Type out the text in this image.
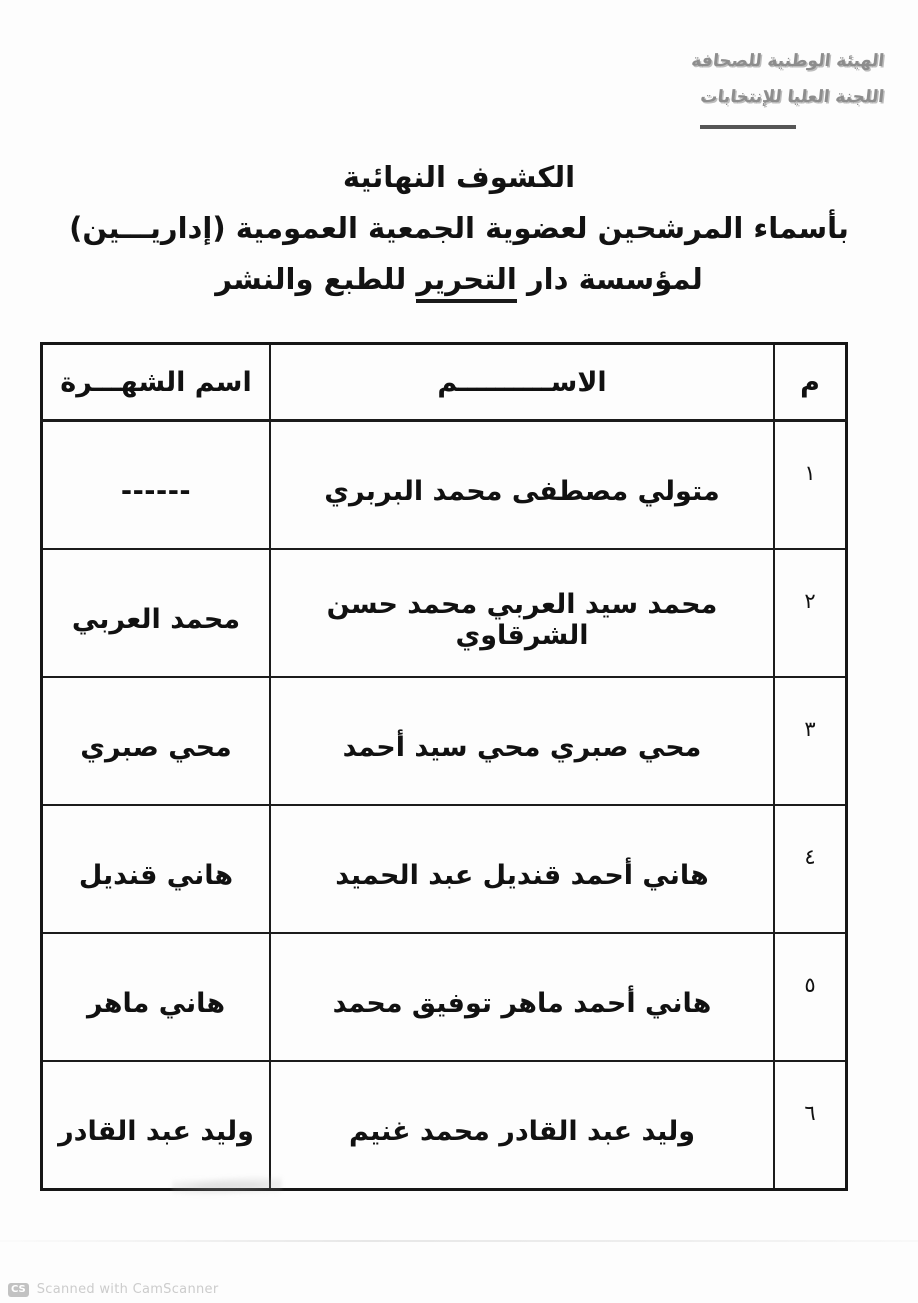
الهيئة الوطنية للصحافة
اللجنة العليا للإنتخابات
الكشوف النهائية
بأسماء المرشحين لعضوية الجمعية العمومية (إداريـــين)
لمؤسسة دار التحرير للطبع والنشر
م	الاســــــــــم	اسم الشهـــرة
١	متولي مصطفى محمد البربري	------
٢	محمد سيد العربي محمد حسن الشرقاوي	محمد العربي
٣	محي صبري محي سيد أحمد	محي صبري
٤	هاني أحمد قنديل عبد الحميد	هاني قنديل
٥	هاني أحمد ماهر توفيق محمد	هاني ماهر
٦	وليد عبد القادر محمد غنيم	وليد عبد القادر
CS Scanned with CamScanner
